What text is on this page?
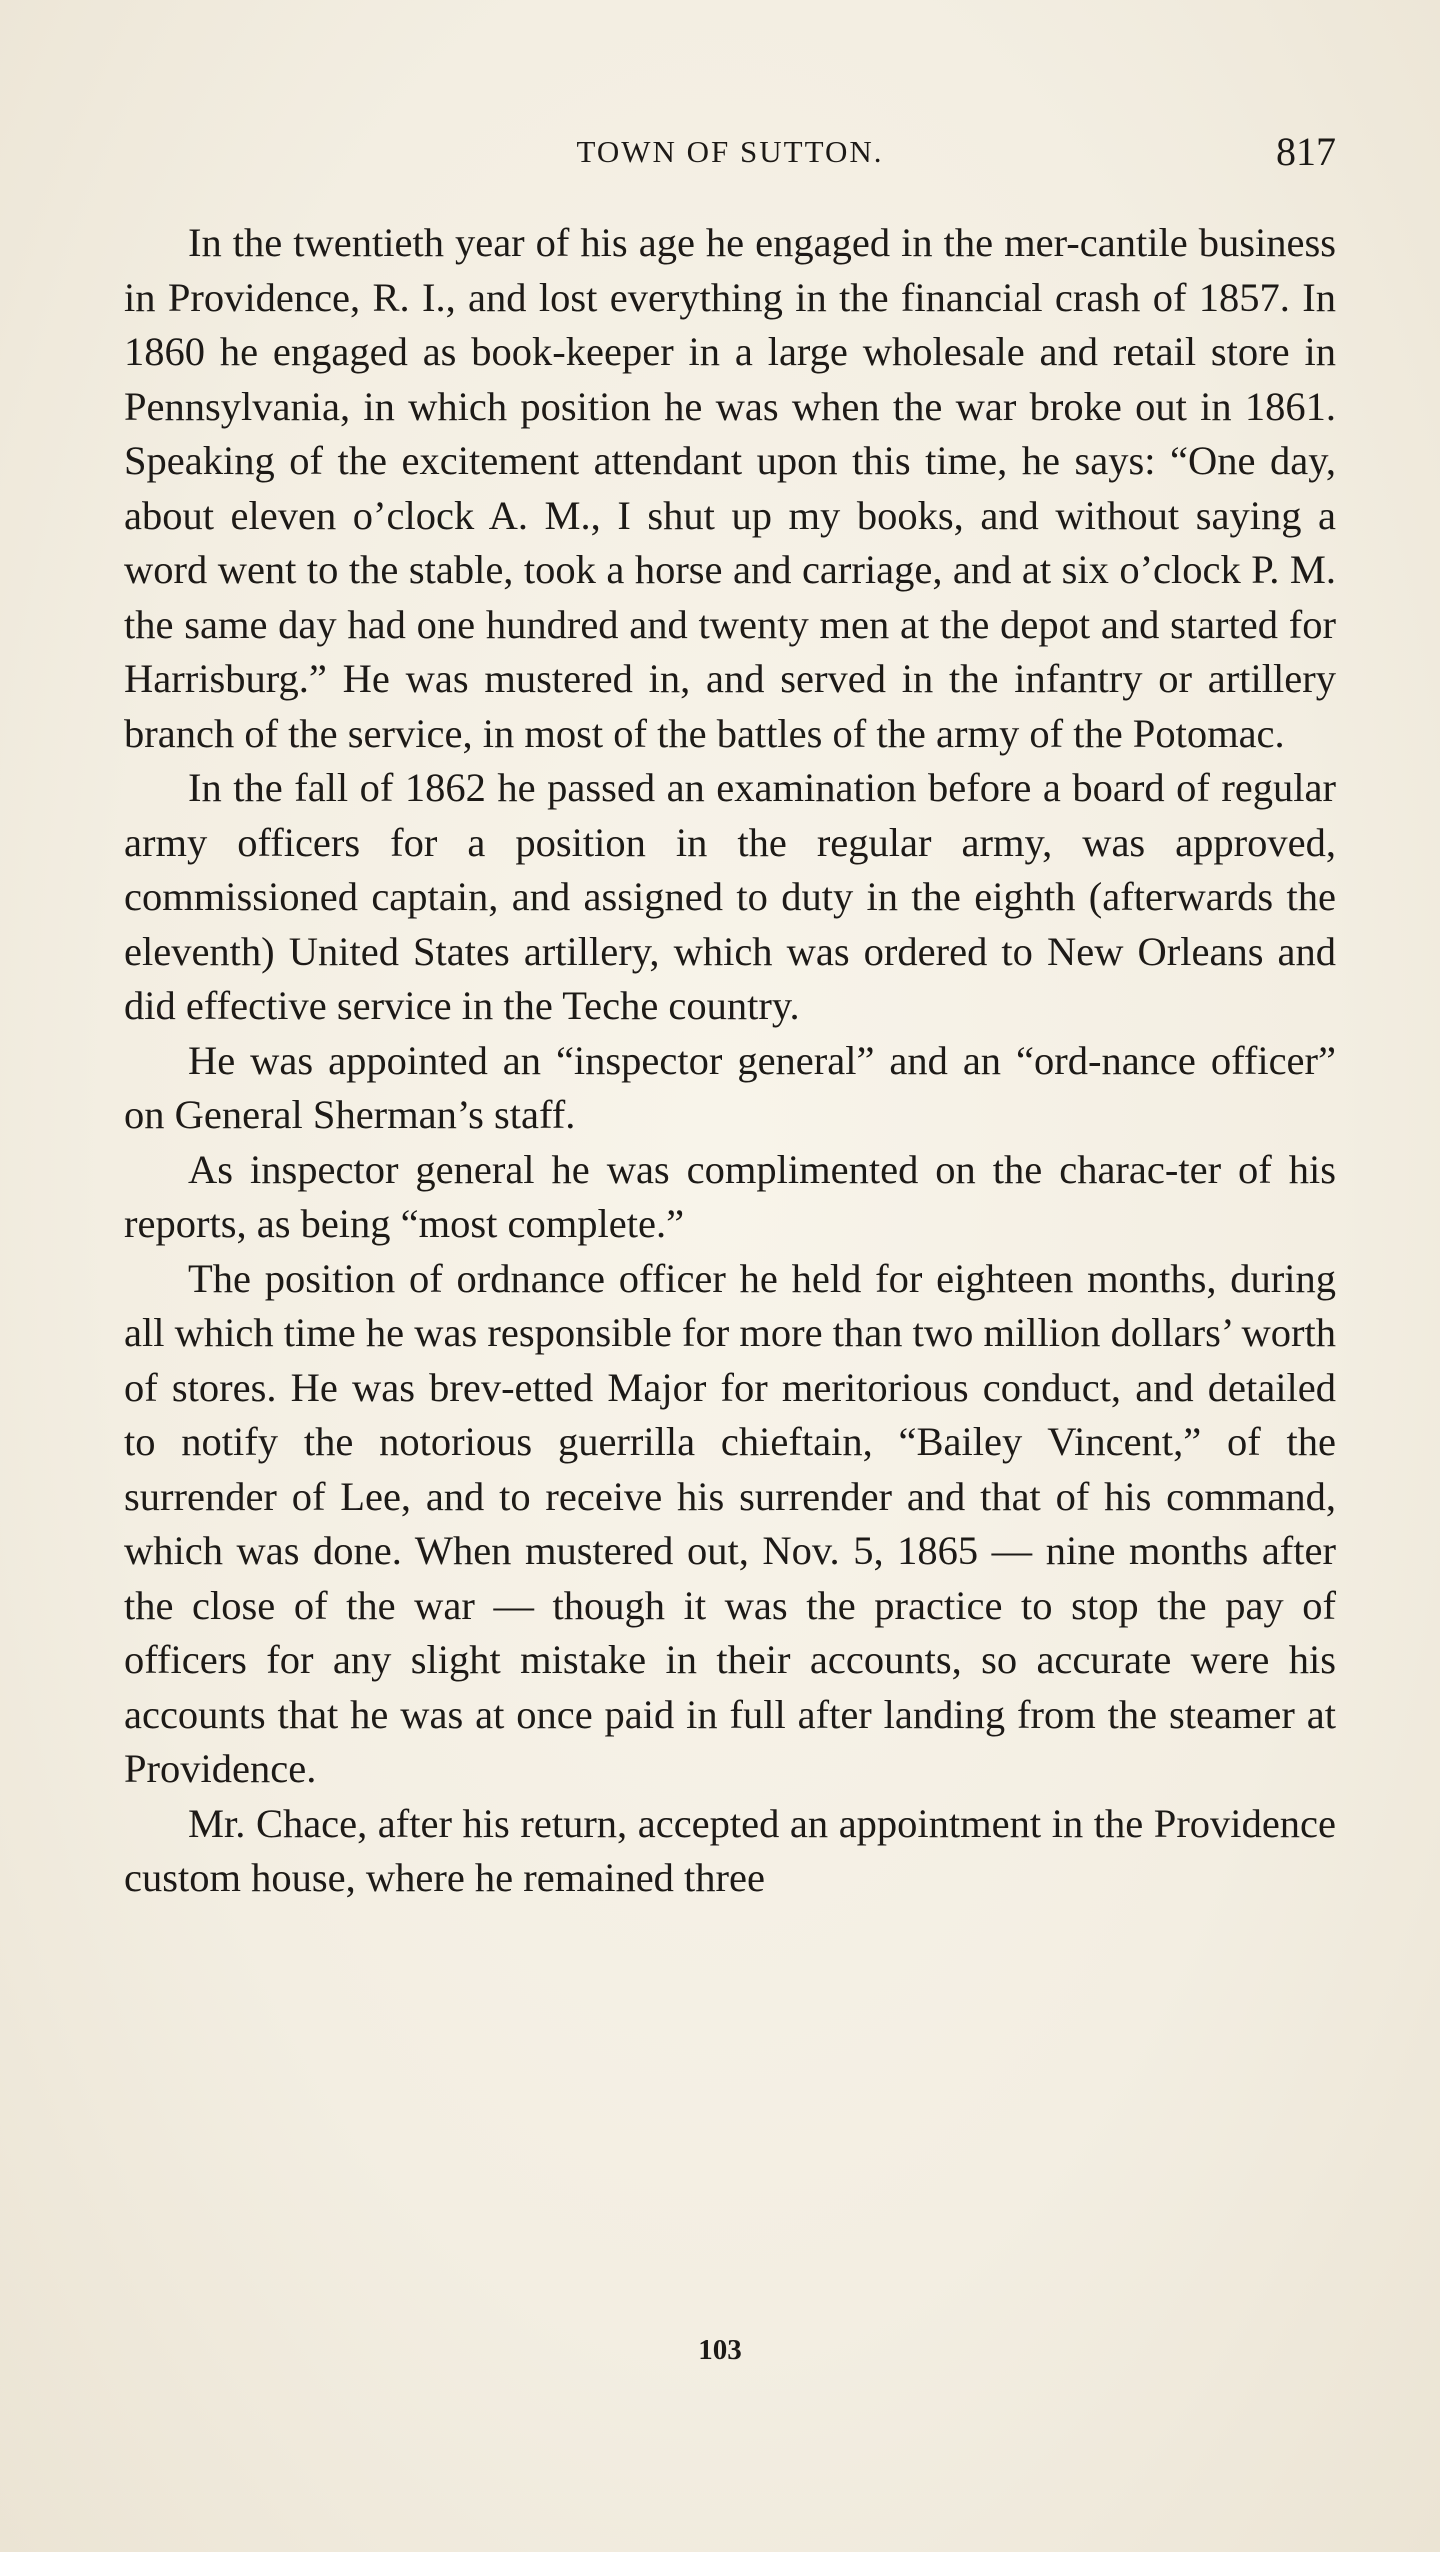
TOWN OF SUTTON.	817

In the twentieth year of his age he engaged in the mer-cantile business in Providence, R. I., and lost everything in the financial crash of 1857. In 1860 he engaged as book-keeper in a large wholesale and retail store in Pennsylvania, in which position he was when the war broke out in 1861. Speaking of the excitement attendant upon this time, he says: “One day, about eleven o’clock A. M., I shut up my books, and without saying a word went to the stable, took a horse and carriage, and at six o’clock P. M. the same day had one hundred and twenty men at the depot and started for Harrisburg.” He was mustered in, and served in the infantry or artillery branch of the service, in most of the battles of the army of the Potomac.

In the fall of 1862 he passed an examination before a board of regular army officers for a position in the regular army, was approved, commissioned captain, and assigned to duty in the eighth (afterwards the eleventh) United States artillery, which was ordered to New Orleans and did effective service in the Teche country.

He was appointed an “inspector general” and an “ord-nance officer” on General Sherman’s staff.

As inspector general he was complimented on the charac-ter of his reports, as being “most complete.”

The position of ordnance officer he held for eighteen months, during all which time he was responsible for more than two million dollars’ worth of stores. He was brev-etted Major for meritorious conduct, and detailed to notify the notorious guerrilla chieftain, “Bailey Vincent,” of the surrender of Lee, and to receive his surrender and that of his command, which was done. When mustered out, Nov. 5, 1865 — nine months after the close of the war — though it was the practice to stop the pay of officers for any slight mistake in their accounts, so accurate were his accounts that he was at once paid in full after landing from the steamer at Providence.

Mr. Chace, after his return, accepted an appointment in the Providence custom house, where he remained three

103
